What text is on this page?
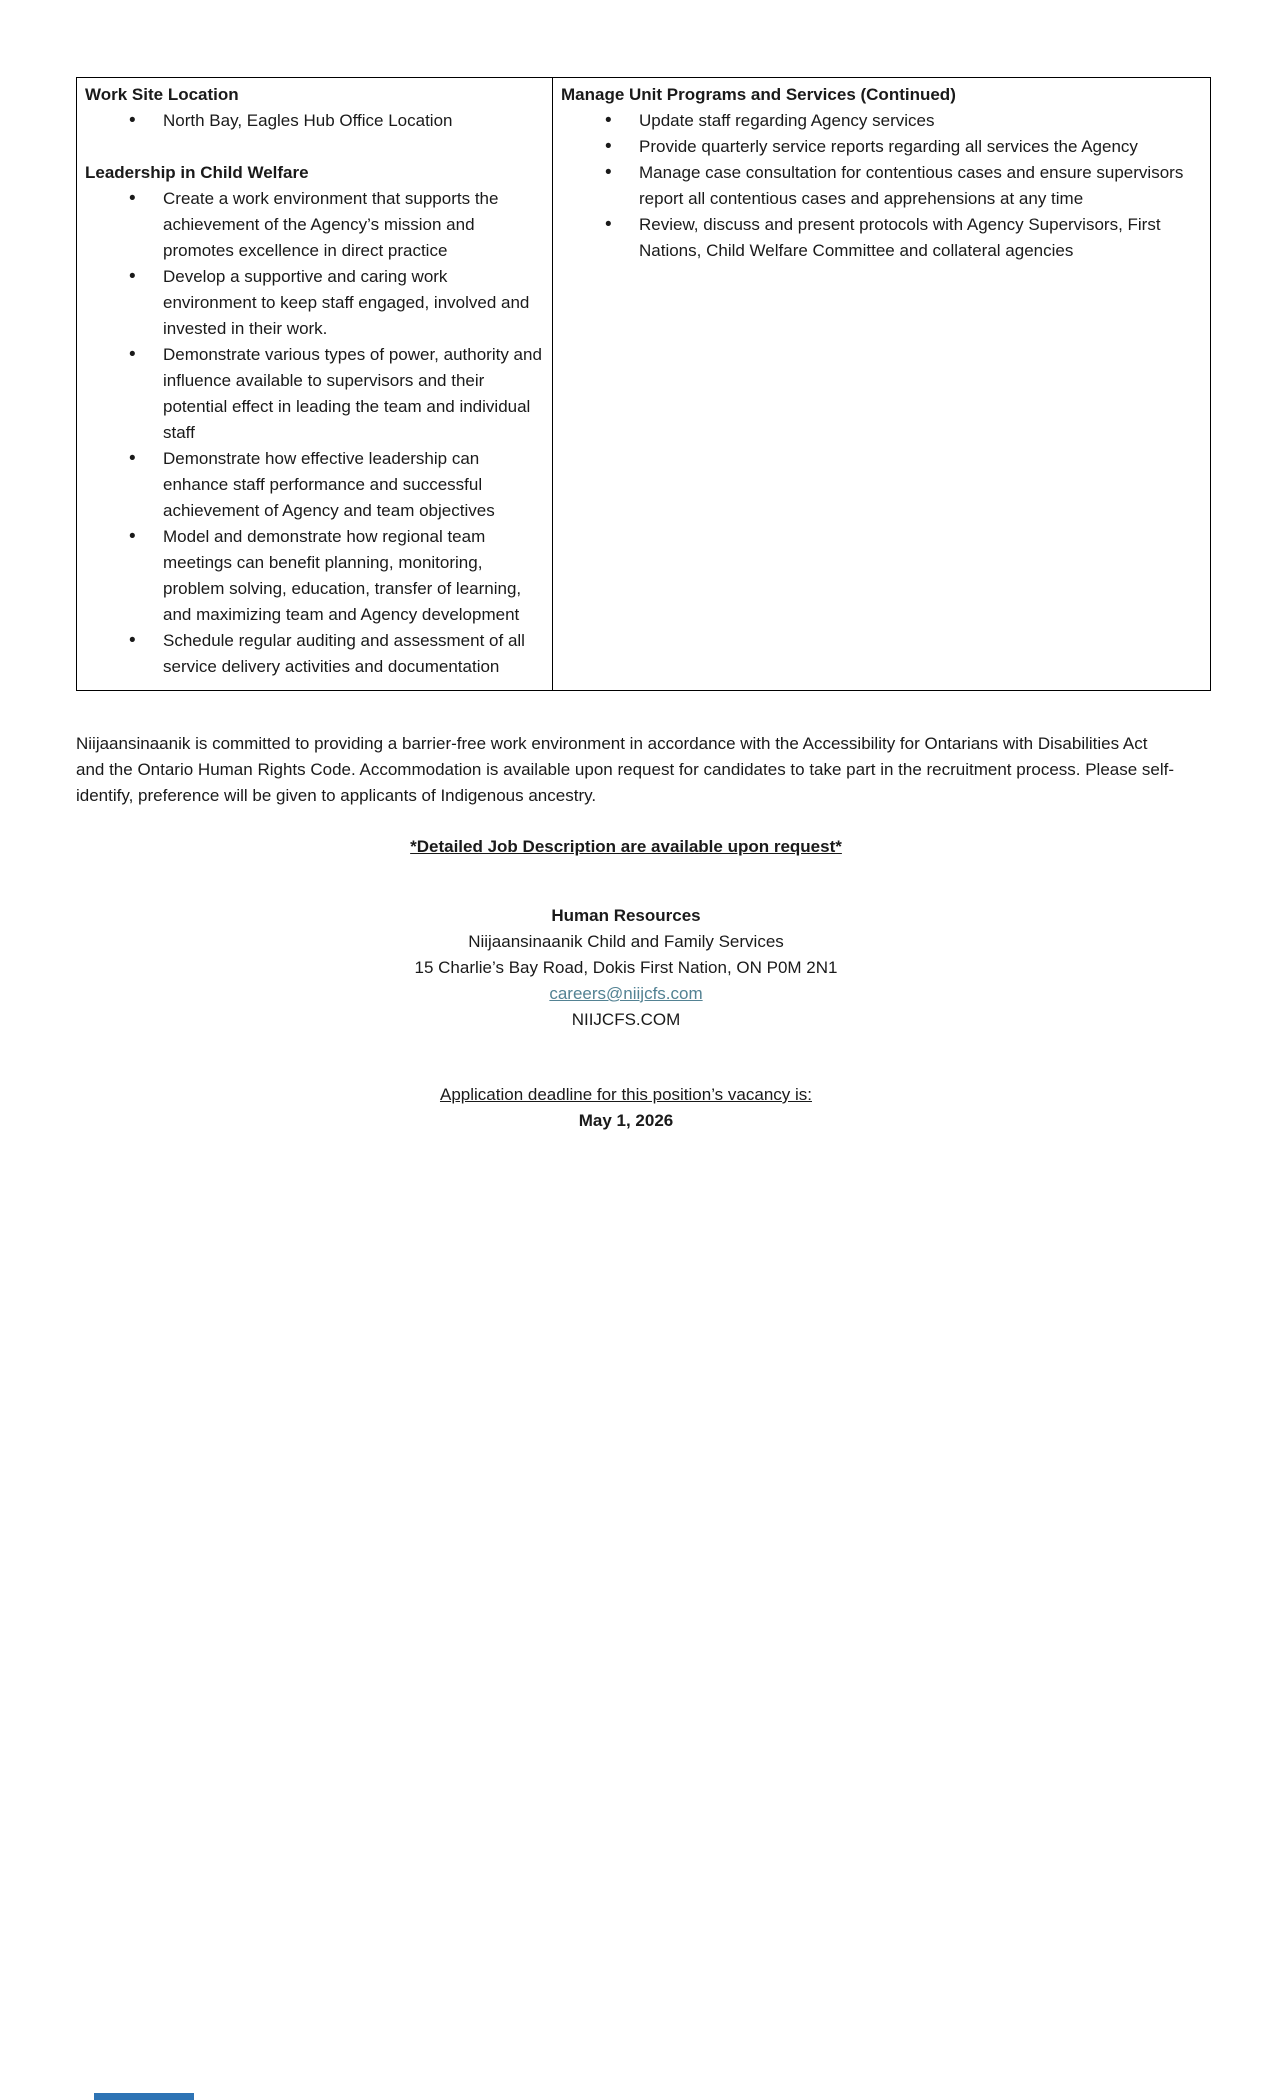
Work Site Location
• North Bay, Eagles Hub Office Location
Leadership in Child Welfare
• Create a work environment that supports the achievement of the Agency’s mission and promotes excellence in direct practice
• Develop a supportive and caring work environment to keep staff engaged, involved and invested in their work.
• Demonstrate various types of power, authority and influence available to supervisors and their potential effect in leading the team and individual staff
• Demonstrate how effective leadership can enhance staff performance and successful achievement of Agency and team objectives
• Model and demonstrate how regional team meetings can benefit planning, monitoring, problem solving, education, transfer of learning, and maximizing team and Agency development
• Schedule regular auditing and assessment of all service delivery activities and documentation

Manage Unit Programs and Services (Continued)
• Update staff regarding Agency services
• Provide quarterly service reports regarding all services the Agency
• Manage case consultation for contentious cases and ensure supervisors report all contentious cases and apprehensions at any time
• Review, discuss and present protocols with Agency Supervisors, First Nations, Child Welfare Committee and collateral agencies

Niijaansinaanik is committed to providing a barrier-free work environment in accordance with the Accessibility for Ontarians with Disabilities Act and the Ontario Human Rights Code. Accommodation is available upon request for candidates to take part in the recruitment process. Please self-identify, preference will be given to applicants of Indigenous ancestry.

*Detailed Job Description are available upon request*
Human Resources
Niijaansinaanik Child and Family Services
15 Charlie’s Bay Road, Dokis First Nation, ON P0M 2N1
careers@niijcfs.com
NIIJCFS.COM
Application deadline for this position’s vacancy is:
May 1, 2026
